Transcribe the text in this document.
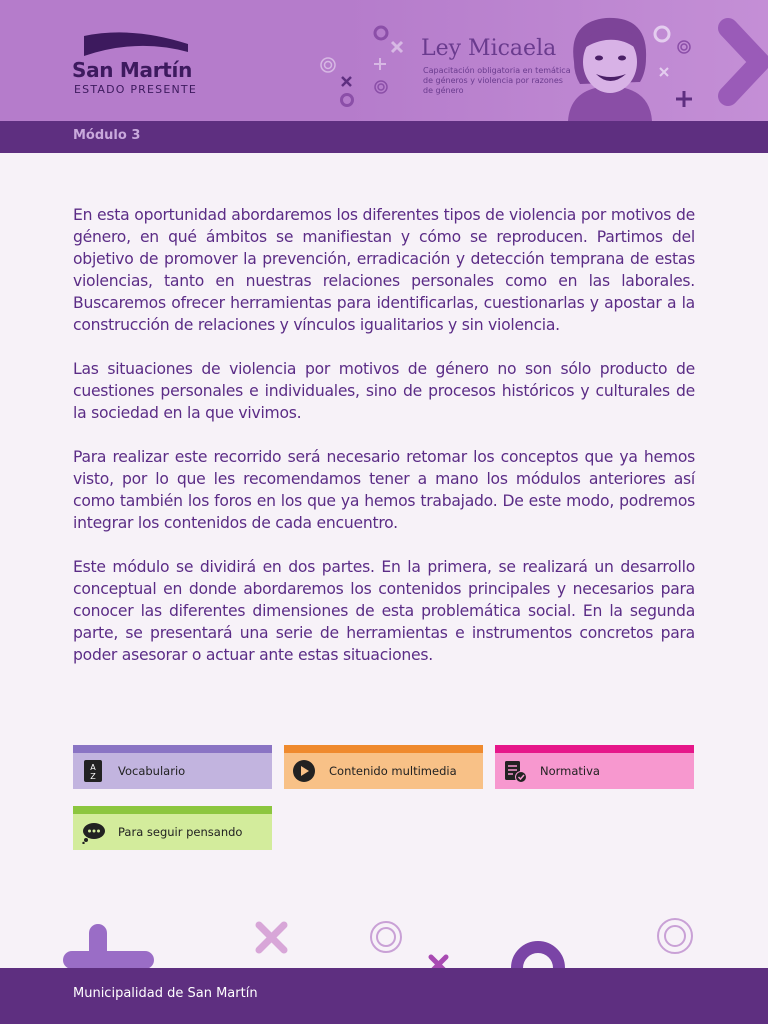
San Martín
ESTADO PRESENTE
Ley Micaela
Capacitación obligatoria en temática de géneros y violencia por razones de género
Módulo 3

En esta oportunidad abordaremos los diferentes tipos de violencia por motivos de género, en qué ámbitos se manifiestan y cómo se reproducen. Partimos del objetivo de promover la prevención, erradicación y detección temprana de estas violencias, tanto en nuestras relaciones personales como en las laborales. Buscaremos ofrecer herramientas para identificarlas, cuestionarlas y apostar a la construcción de relaciones y vínculos igualitarios y sin violencia.

Las situaciones de violencia por motivos de género no son sólo producto de cuestiones personales e individuales, sino de procesos históricos y culturales de la sociedad en la que vivimos.

Para realizar este recorrido será necesario retomar los conceptos que ya hemos visto, por lo que les recomendamos tener a mano los módulos anteriores así como también los foros en los que ya hemos trabajado. De este modo, podremos integrar los contenidos de cada encuentro.

Este módulo se dividirá en dos partes. En la primera, se realizará un desarrollo conceptual en donde abordaremos los contenidos principales y necesarios para conocer las diferentes dimensiones de esta problemática social. En la segunda parte, se presentará una serie de herramientas e instrumentos concretos para poder asesorar o actuar ante estas situaciones.

A
Z Vocabulario	Contenido multimedia	Normativa
Para seguir pensando
Municipalidad de San Martín
